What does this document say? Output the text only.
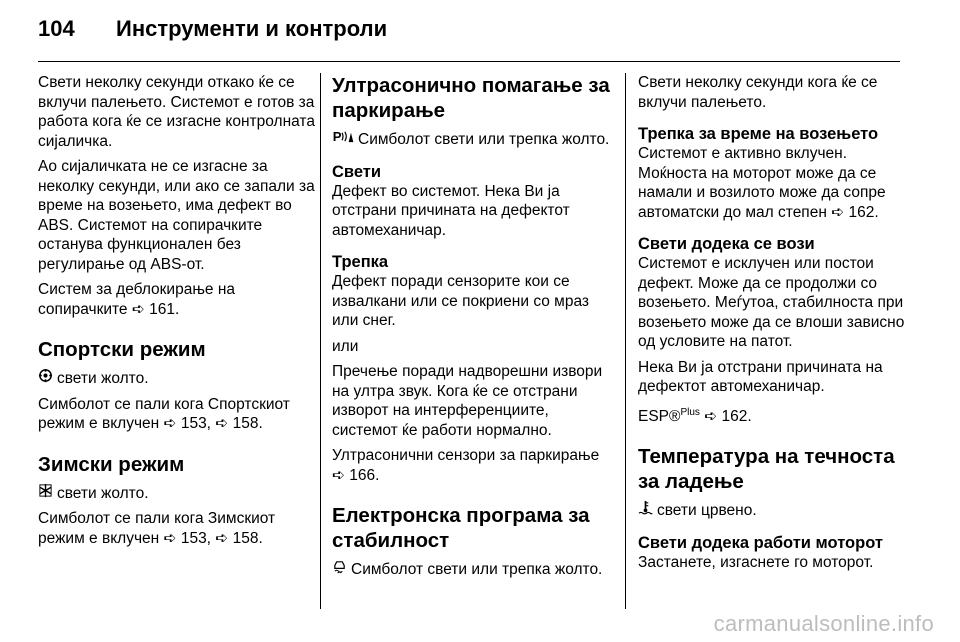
104	Инструменти и контроли

Свети неколку секунди откако ќе се вклучи палењето. Системот е готов за работа кога ќе се изгасне контролната сијаличка.

Ао сијаличката не се изгасне за неколку секунди, или ако се запали за време на возењето, има дефект во ABS. Системот на сопирачките останува функционален без регулирање од ABS-от.

Систем за деблокирање на сопирачките ➪ 161.

Спортски режим

свети жолто.

Симболот се пали кога Спортскиот режим е вклучен ➪ 153, ➪ 158.

Зимски режим

свети жолто.

Симболот се пали кога Зимскиот режим е вклучен ➪ 153, ➪ 158.

Ултрасонично помагање за паркирање

P Симболот свети или трепка жолто.

Свети

Дефект во системот. Нека Ви ја отстрани причината на дефектот автомеханичар.

Трепка

Дефект поради сензорите кои се извалкани или се покриени со мраз или снег.

или

Пречење поради надворешни извори на ултра звук. Кога ќе се отстрани изворот на интерференциите, системот ќе работи нормално.

Ултрасонични сензори за паркирање ➪ 166.

Електронска програма за стабилност

Симболот свети или трепка жолто.

Свети неколку секунди кога ќе се вклучи палењето.

Трепка за време на возењето

Системот е активно вклучен.

Моќноста на моторот може да се намали и возилото може да сопре автоматски до мал степен ➪ 162.

Свети додека се вози

Системот е исклучен или постои дефект. Може да се продолжи со возењето. Меѓутоа, стабилноста при возењето може да се влоши зависно од условите на патот.

Нека Ви ја отстрани причината на дефектот автомеханичар.

ESP®$^{Plus}$ ➪ 162.

Температура на течноста за ладење

свети црвено.

Свети додека работи моторот

Застанете, изгаснете го моторот.

carmanualsonline.info
